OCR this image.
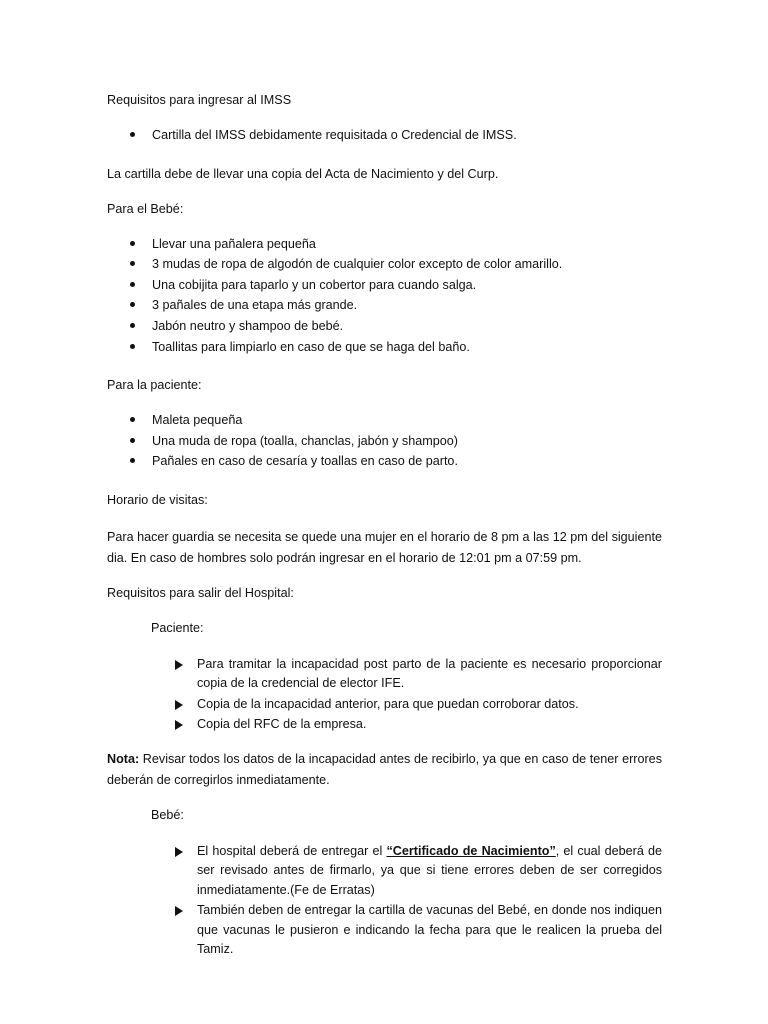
Requisitos para ingresar al IMSS

Cartilla del IMSS debidamente requisitada o Credencial de IMSS.

La cartilla debe de llevar una copia del Acta de Nacimiento y del Curp.

Para el Bebé:

Llevar una pañalera pequeña
3 mudas de ropa de algodón de cualquier color excepto de color amarillo.
Una cobijita para taparlo y un cobertor para cuando salga.
3 pañales de una etapa más grande.
Jabón neutro y shampoo de bebé.
Toallitas para limpiarlo en caso de que se haga del baño.

Para la paciente:

Maleta pequeña
Una muda de ropa (toalla, chanclas, jabón y shampoo)
Pañales en caso de cesaría y toallas en caso de parto.

Horario de visitas:

Para hacer guardia se necesita se quede una mujer en el horario de 8 pm a las 12 pm del siguiente dia. En caso de hombres solo podrán ingresar en el horario de 12:01 pm a 07:59 pm.

Requisitos para salir del Hospital:

Paciente:

Para tramitar la incapacidad post parto de la paciente es necesario proporcionar copia de la credencial de elector IFE.
Copia de la incapacidad anterior, para que puedan corroborar datos.
Copia del RFC de la empresa.

Nota: Revisar todos los datos de la incapacidad antes de recibirlo, ya que en caso de tener errores deberán de corregirlos inmediatamente.

Bebé:

El hospital deberá de entregar el “Certificado de Nacimiento”, el cual deberá de ser revisado antes de firmarlo, ya que si tiene errores deben de ser corregidos inmediatamente.(Fe de Erratas)
También deben de entregar la cartilla de vacunas del Bebé, en donde nos indiquen que vacunas le pusieron e indicando la fecha para que le realicen la prueba del Tamiz.
